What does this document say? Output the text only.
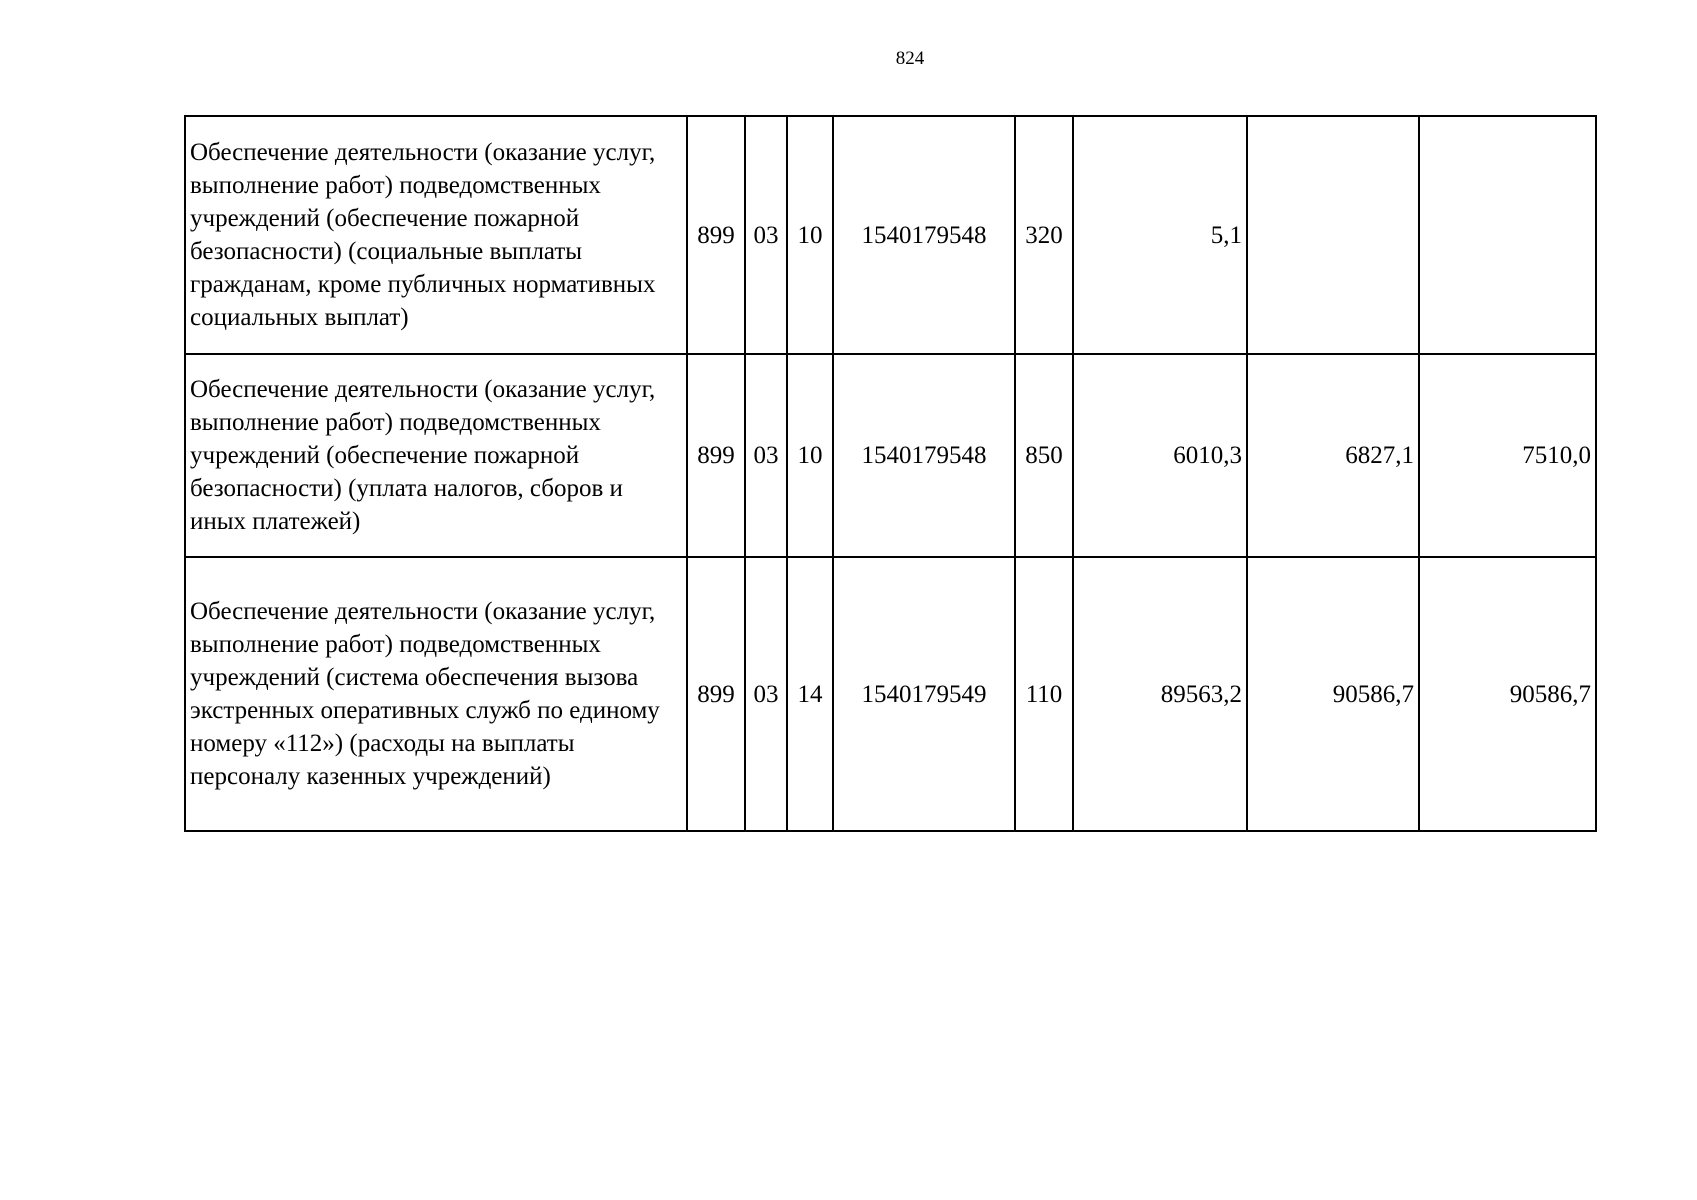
824
Обеспечение деятельности (оказание услуг, выполнение работ) подведомственных учреждений (обеспечение пожарной безопасности) (социальные выплаты гражданам, кроме публичных нормативных социальных выплат)	899	03	10	1540179548	320	5,1		
Обеспечение деятельности (оказание услуг, выполнение работ) подведомственных учреждений (обеспечение пожарной безопасности) (уплата налогов, сборов и иных платежей)	899	03	10	1540179548	850	6010,3	6827,1	7510,0
Обеспечение деятельности (оказание услуг, выполнение работ) подведомственных учреждений (система обеспечения вызова экстренных оперативных служб по единому номеру «112») (расходы на выплаты персоналу казенных учреждений)	899	03	14	1540179549	110	89563,2	90586,7	90586,7
